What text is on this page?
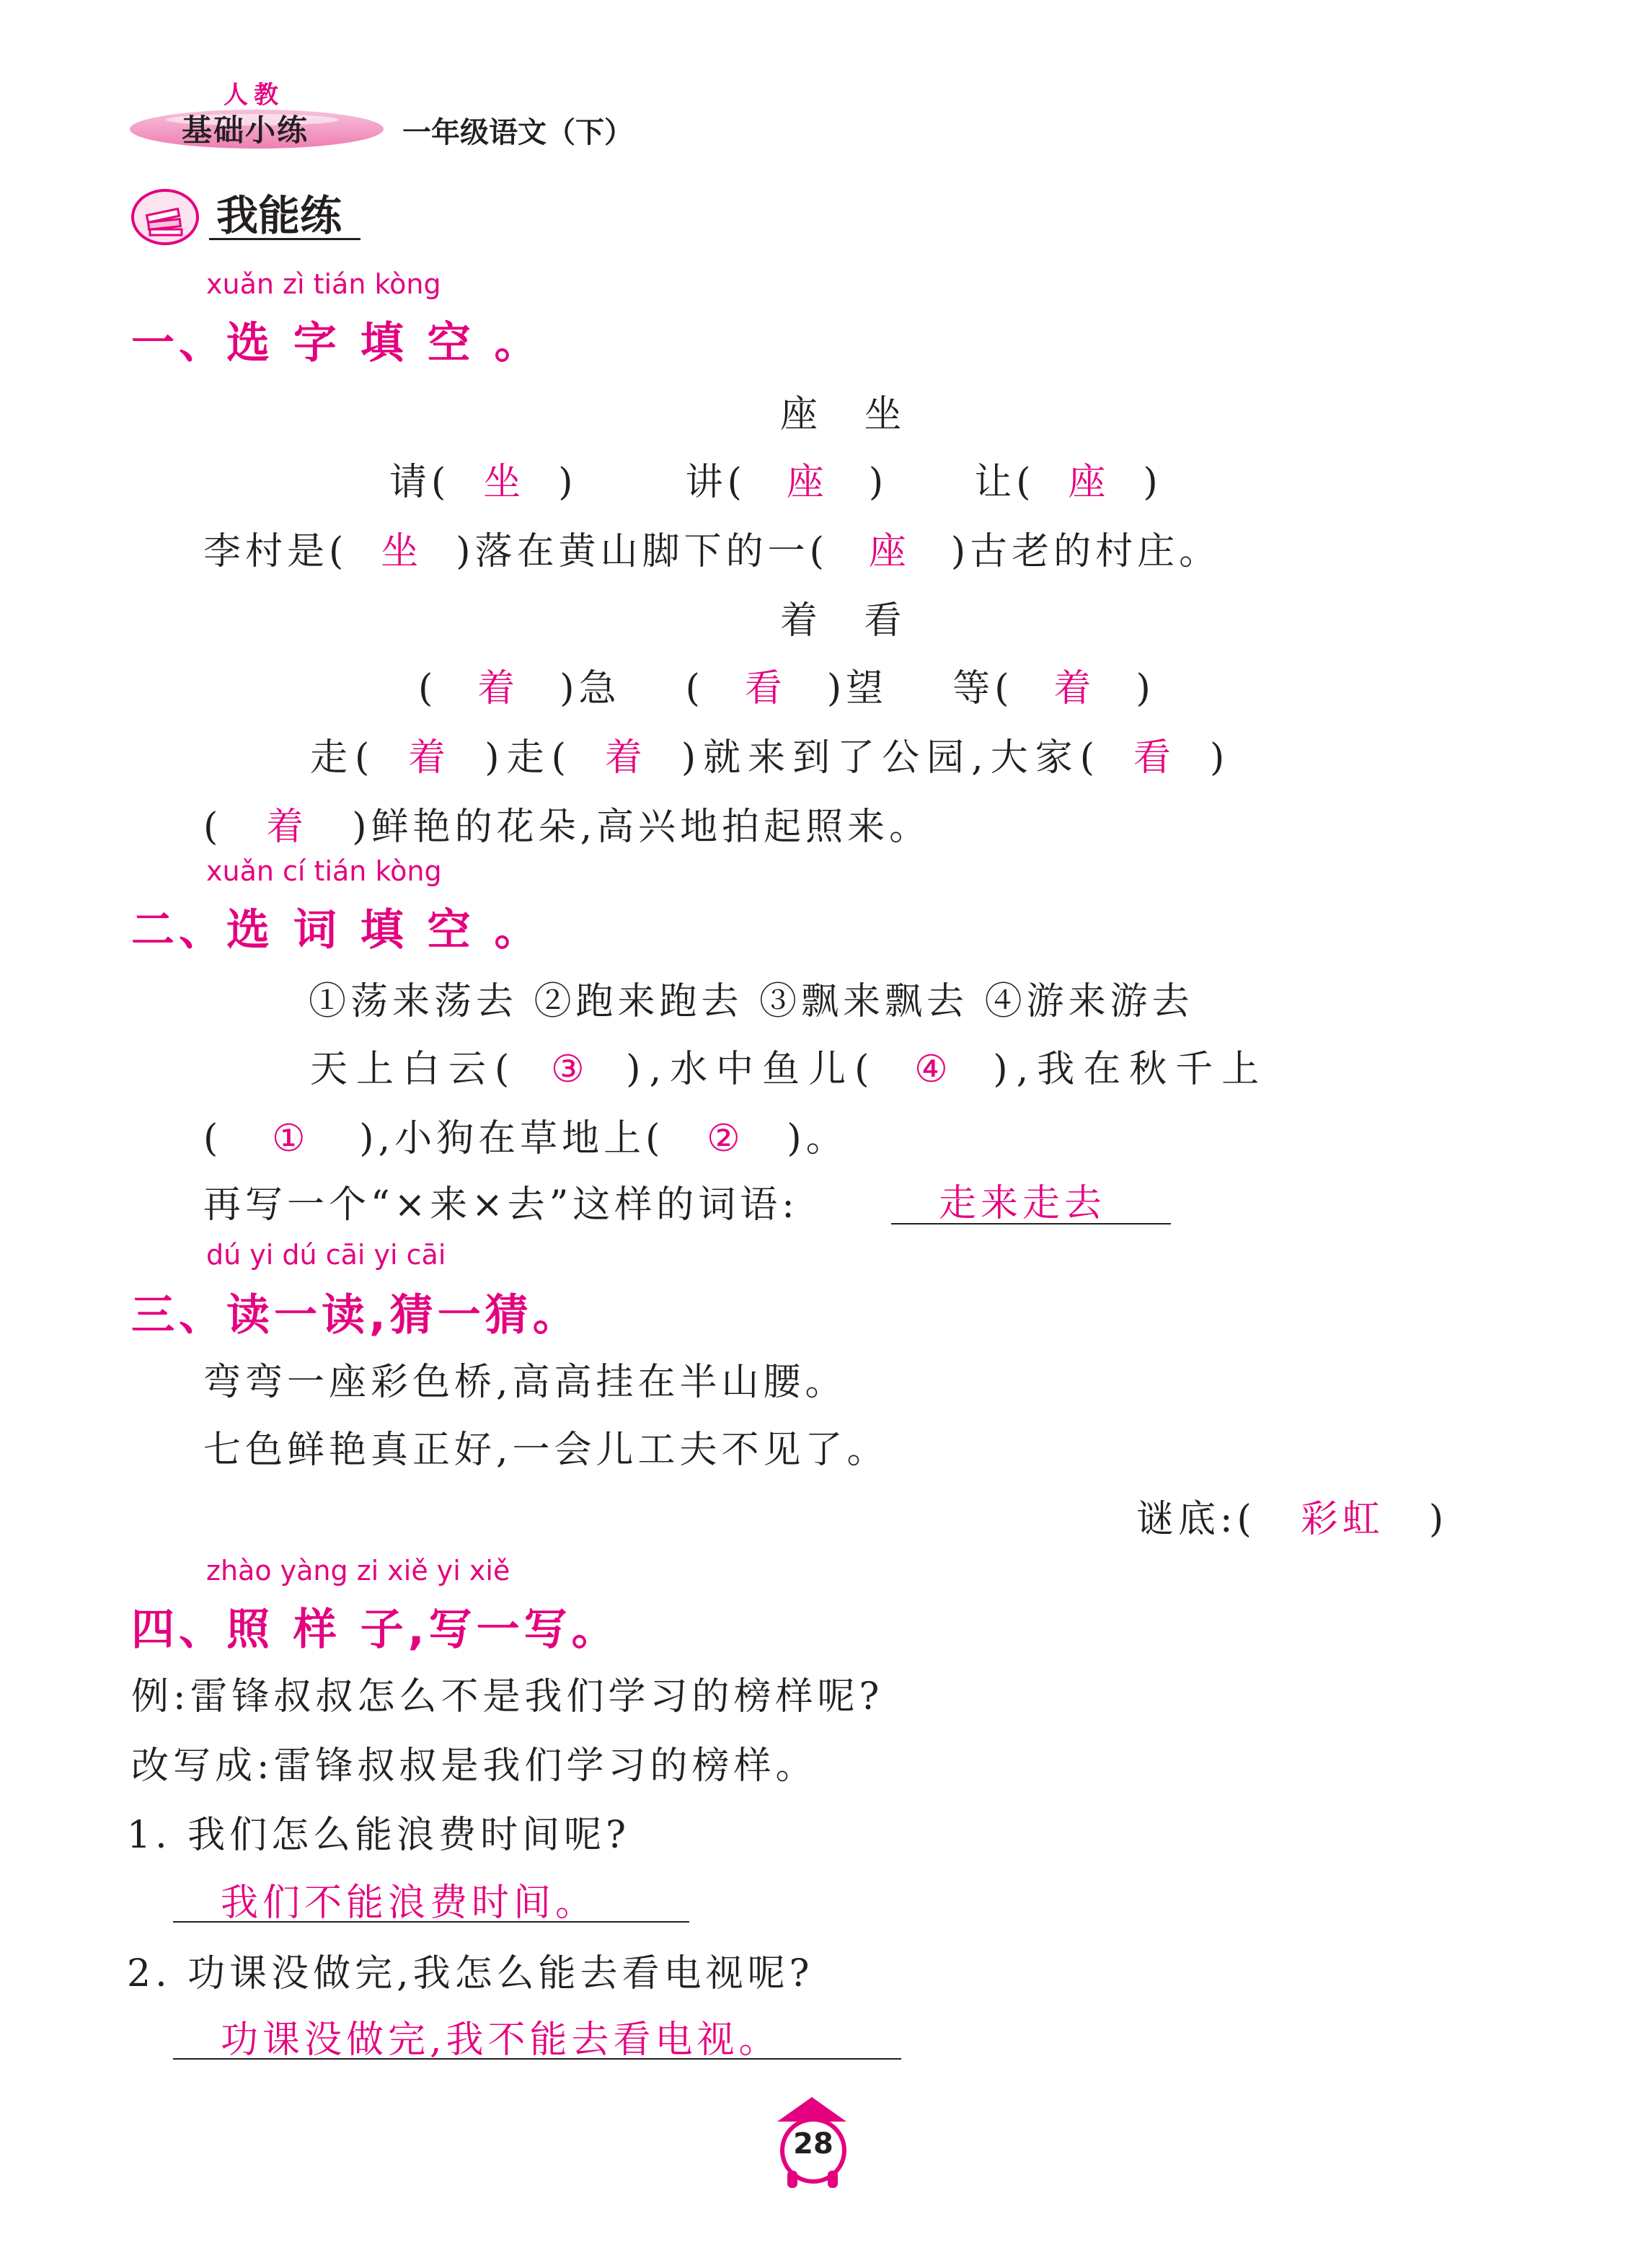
人教
基础小练	一年级语文（下）
我能练
xuǎn zì tián kòng
一、选 字 填 空 。
座 坐
请( 坐 )	讲( 座 ) 让( 座 )
李村是( 坐 )落在黄山脚下的一( 座 )古老的村庄。
着 看
( 着 )急 ( 看 )望 等( 着 )
走( 着 )走( 着 )就来到了公园,大家( 看 )
( 着 )鲜艳的花朵,高兴地拍起照来。
xuǎn cí tián kòng
二、选 词 填 空 。
①荡来荡去 ②跑来跑去 ③飘来飘去 ④游来游去
天上白云( ③ ),水中鱼儿( ④ ),我在秋千上
( ① ),小狗在草地上( ② )。
再写一个“×来×去”这样的词语:	走来走去
dú yi dú cāi yi cāi
三、读一读,猜一猜。
弯弯一座彩色桥,高高挂在半山腰。
七色鲜艳真正好,一会儿工夫不见了。
谜底:( 彩虹 )
zhào yàng zi xiě yi xiě
四、照 样 子,写一写。
例:雷锋叔叔怎么不是我们学习的榜样呢?
改写成:雷锋叔叔是我们学习的榜样。
1. 我们怎么能浪费时间呢?
我们不能浪费时间。
2. 功课没做完,我怎么能去看电视呢?
功课没做完,我不能去看电视。
28
